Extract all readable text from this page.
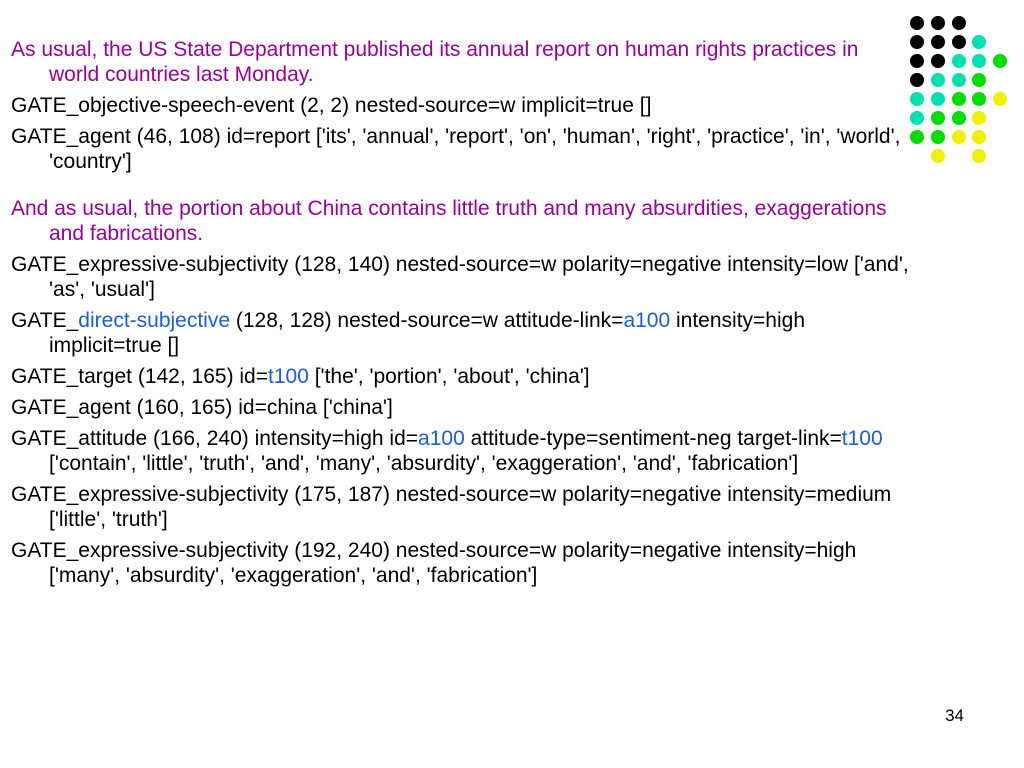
As usual, the US State Department published its annual report on human rights practices in world countries last Monday.
GATE_objective-speech-event (2, 2) nested-source=w implicit=true []
GATE_agent (46, 108) id=report ['its', 'annual', 'report', 'on', 'human', 'right', 'practice', 'in', 'world', 'country']
And as usual, the portion about China contains little truth and many absurdities, exaggerations and fabrications.
GATE_expressive-subjectivity (128, 140) nested-source=w polarity=negative intensity=low ['and', 'as', 'usual']
GATE_direct-subjective (128, 128) nested-source=w attitude-link=a100 intensity=high implicit=true []
GATE_target (142, 165) id=t100 ['the', 'portion', 'about', 'china']
GATE_agent (160, 165) id=china ['china']
GATE_attitude (166, 240) intensity=high id=a100 attitude-type=sentiment-neg target-link=t100 ['contain', 'little', 'truth', 'and', 'many', 'absurdity', 'exaggeration', 'and', 'fabrication']
GATE_expressive-subjectivity (175, 187) nested-source=w polarity=negative intensity=medium ['little', 'truth']
GATE_expressive-subjectivity (192, 240) nested-source=w polarity=negative intensity=high ['many', 'absurdity', 'exaggeration', 'and', 'fabrication']
34
